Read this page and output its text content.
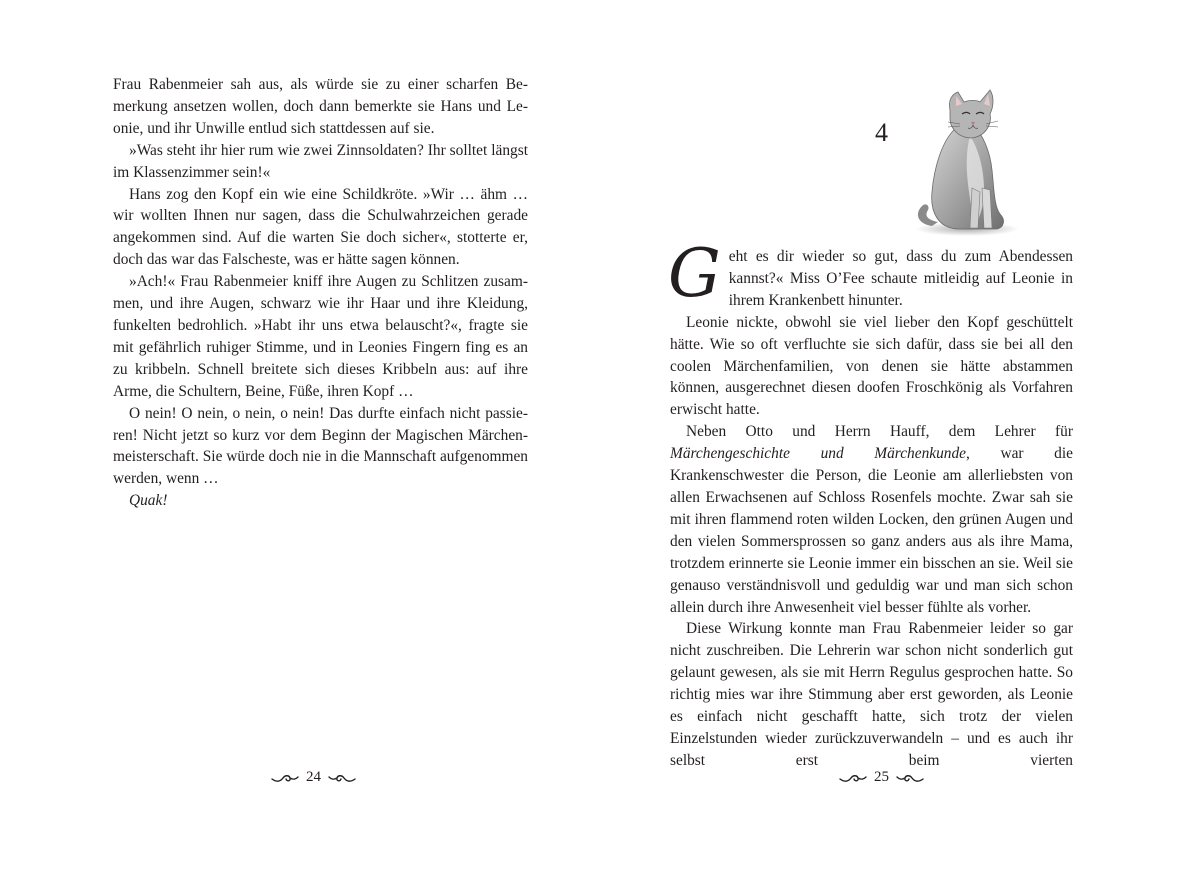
Frau Rabenmeier sah aus, als würde sie zu einer scharfen Bemerkung ansetzen wollen, doch dann bemerkte sie Hans und Leonie, und ihr Unwille entlud sich stattdessen auf sie.

»Was steht ihr hier rum wie zwei Zinnsoldaten? Ihr solltet längst im Klassenzimmer sein!«

Hans zog den Kopf ein wie eine Schildkröte. »Wir … ähm … wir wollten Ihnen nur sagen, dass die Schulwahrzeichen gerade angekommen sind. Auf die warten Sie doch sicher«, stotterte er, doch das war das Falscheste, was er hätte sagen können.

»Ach!« Frau Rabenmeier kniff ihre Augen zu Schlitzen zusammen, und ihre Augen, schwarz wie ihr Haar und ihre Kleidung, funkelten bedrohlich. »Habt ihr uns etwa belauscht?«, fragte sie mit gefährlich ruhiger Stimme, und in Leonies Fingern fing es an zu kribbeln. Schnell breitete sich dieses Kribbeln aus: auf ihre Arme, die Schultern, Beine, Füße, ihren Kopf …

O nein! O nein, o nein, o nein! Das durfte einfach nicht passieren! Nicht jetzt so kurz vor dem Beginn der Magischen Märchenmeisterschaft. Sie würde doch nie in die Mannschaft aufgenommen werden, wenn …

Quak!

24
4

Geht es dir wieder so gut, dass du zum Abendessen kannst?« Miss O’Fee schaute mitleidig auf Leonie in ihrem Krankenbett hinunter.

Leonie nickte, obwohl sie viel lieber den Kopf geschüttelt hätte. Wie so oft verfluchte sie sich dafür, dass sie bei all den coolen Märchenfamilien, von denen sie hätte abstammen können, ausgerechnet diesen doofen Froschkönig als Vorfahren erwischt hatte.

Neben Otto und Herrn Hauff, dem Lehrer für Märchengeschichte und Märchenkunde, war die Krankenschwester die Person, die Leonie am allerliebsten von allen Erwachsenen auf Schloss Rosenfels mochte. Zwar sah sie mit ihren flammend roten wilden Locken, den grünen Augen und den vielen Sommersprossen so ganz anders aus als ihre Mama, trotzdem erinnerte sie Leonie immer ein bisschen an sie. Weil sie genauso verständnisvoll und geduldig war und man sich schon allein durch ihre Anwesenheit viel besser fühlte als vorher.

Diese Wirkung konnte man Frau Rabenmeier leider so gar nicht zuschreiben. Die Lehrerin war schon nicht sonderlich gut gelaunt gewesen, als sie mit Herrn Regulus gesprochen hatte. So richtig mies war ihre Stimmung aber erst geworden, als Leonie es einfach nicht geschafft hatte, sich trotz der vielen Einzelstunden wieder zurückzuverwandeln – und es auch ihr selbst erst beim vierten

25
